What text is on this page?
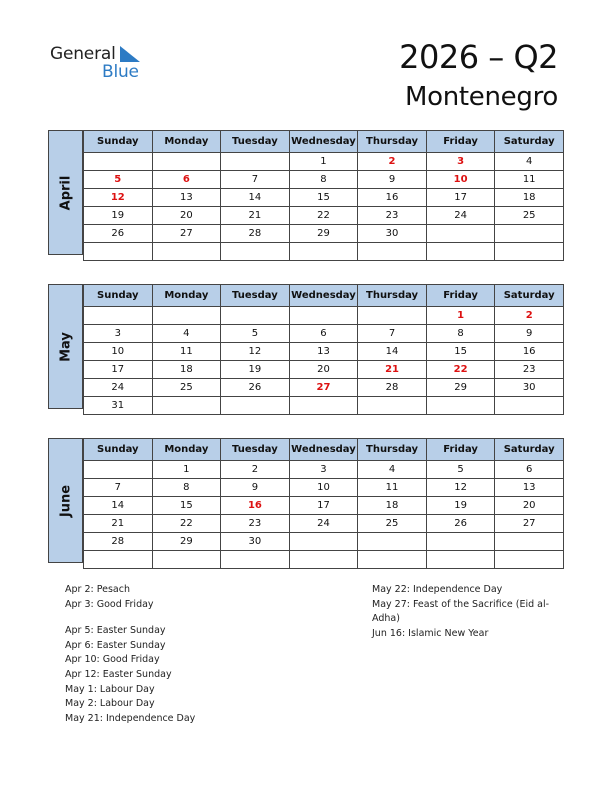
General
Blue	2026 – Q2
Montenegro
April
Sunday	Monday	Tuesday	Wednesday	Thursday	Friday	Saturday
			1	2	3	4
5	6	7	8	9	10	11
12	13	14	15	16	17	18
19	20	21	22	23	24	25
26	27	28	29	30		

May
Sunday	Monday	Tuesday	Wednesday	Thursday	Friday	Saturday
					1	2
3	4	5	6	7	8	9
10	11	12	13	14	15	16
17	18	19	20	21	22	23
24	25	26	27	28	29	30
31						
June
Sunday	Monday	Tuesday	Wednesday	Thursday	Friday	Saturday
	1	2	3	4	5	6
7	8	9	10	11	12	13
14	15	16	17	18	19	20
21	22	23	24	25	26	27
28	29	30				

Apr 2: Pesach
Apr 3: Good Friday
Apr 5: Easter Sunday
Apr 6: Easter Sunday
Apr 10: Good Friday
Apr 12: Easter Sunday
May 1: Labour Day
May 2: Labour Day
May 21: Independence Day
May 22: Independence Day
May 27: Feast of the Sacrifice (Eid al-
Adha)
Jun 16: Islamic New Year
